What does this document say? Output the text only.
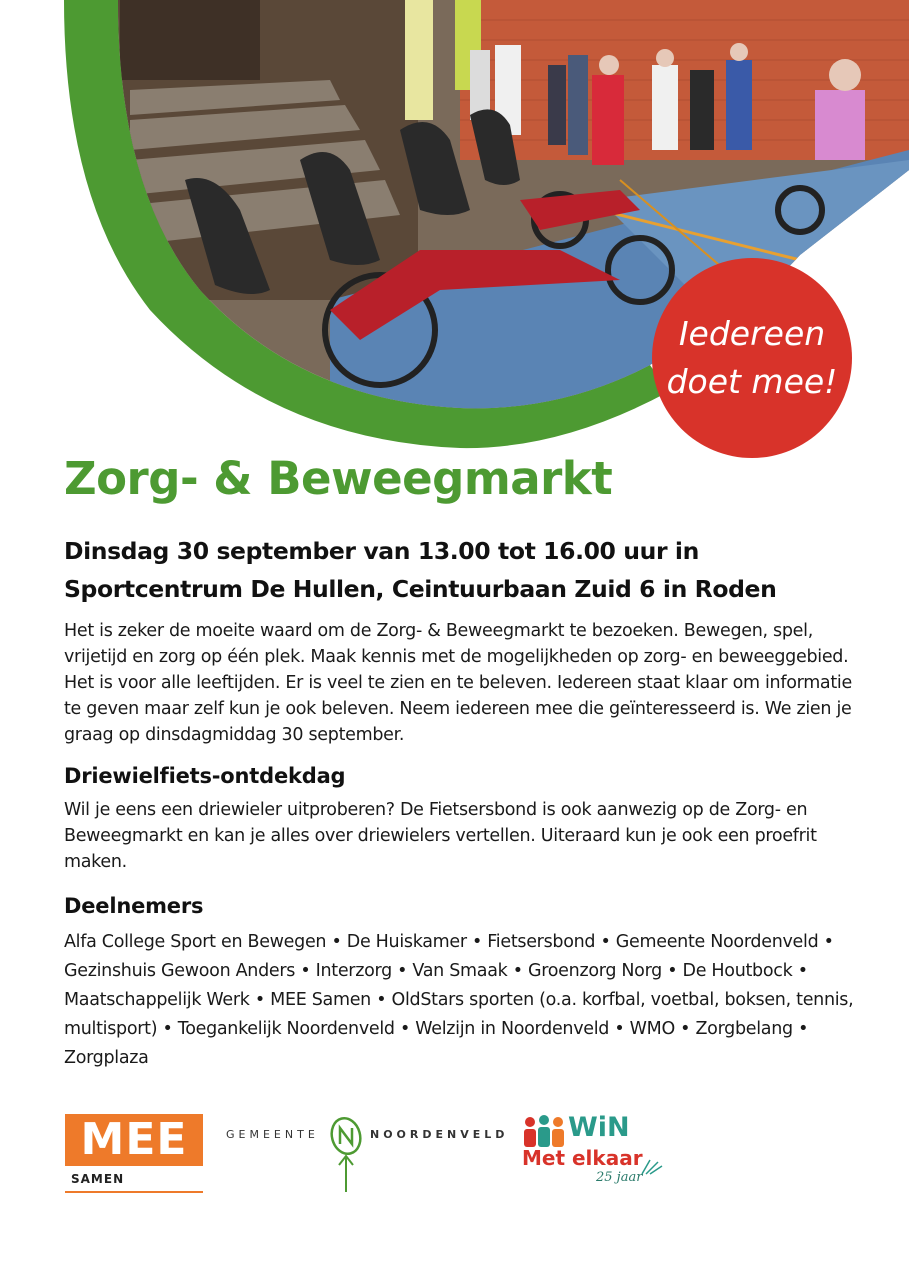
Iedereen
doet mee!
Zorg- & Beweegmarkt
Dinsdag 30 september van 13.00 tot 16.00 uur in
Sportcentrum De Hullen, Ceintuurbaan Zuid 6 in Roden

Het is zeker de moeite waard om de Zorg- & Beweegmarkt te bezoeken. Bewegen, spel, vrijetijd en zorg op één plek. Maak kennis met de mogelijkheden op zorg- en beweeggebied. Het is voor alle leeftijden. Er is veel te zien en te beleven. Iedereen staat klaar om informatie te geven maar zelf kun je ook beleven. Neem iedereen mee die geïnteresseerd is. We zien je graag op dinsdagmiddag 30 september.

Driewielfiets-ontdekdag

Wil je eens een driewieler uitproberen? De Fietsersbond is ook aanwezig op de Zorg- en Beweegmarkt en kan je alles over driewielers vertellen. Uiteraard kun je ook een proefrit maken.

Deelnemers

Alfa College Sport en Bewegen • De Huiskamer • Fietsersbond • Gemeente Noordenveld • Gezinshuis Gewoon Anders • Interzorg • Van Smaak • Groenzorg Norg • De Houtbock • Maatschappelijk Werk • MEE Samen • OldStars sporten (o.a. korfbal, voetbal, boksen, tennis, multisport) • Toegankelijk Noordenveld • Welzijn in Noordenveld • WMO • Zorgbelang • Zorgplaza

MEE
SAMEN
GEMEENTE	NOORDENVELD WiN
Met elkaar
25 jaar
